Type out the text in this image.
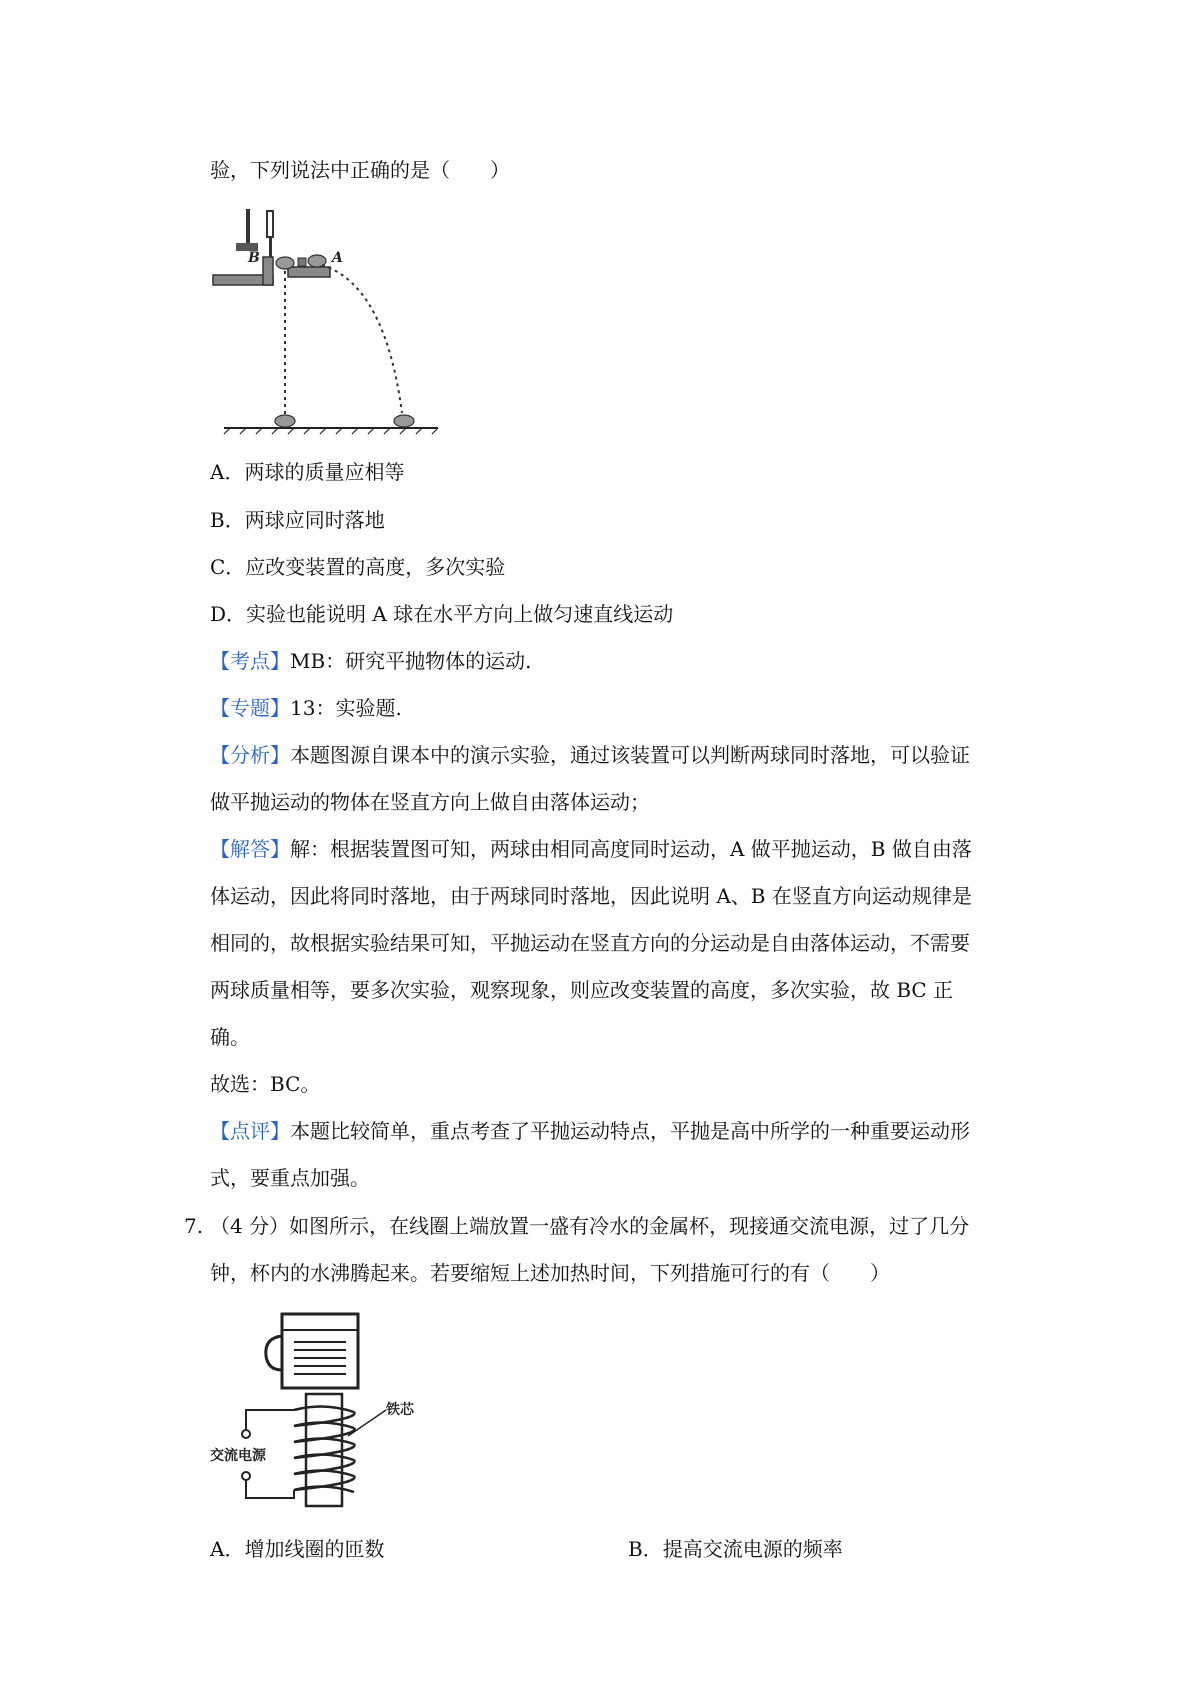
验，下列说法中正确的是（　　）
B	A
A．两球的质量应相等
B．两球应同时落地
C．应改变装置的高度，多次实验
D．实验也能说明 A 球在水平方向上做匀速直线运动
【考点】MB：研究平抛物体的运动.
【专题】13：实验题.
【分析】本题图源自课本中的演示实验，通过该装置可以判断两球同时落地，可以验证
做平抛运动的物体在竖直方向上做自由落体运动；
【解答】解：根据装置图可知，两球由相同高度同时运动，A 做平抛运动，B 做自由落
体运动，因此将同时落地，由于两球同时落地，因此说明 A、B 在竖直方向运动规律是
相同的，故根据实验结果可知，平抛运动在竖直方向的分运动是自由落体运动，不需要
两球质量相等，要多次实验，观察现象，则应改变装置的高度，多次实验，故 BC 正
确。
故选：BC。
【点评】本题比较简单，重点考查了平抛运动特点，平抛是高中所学的一种重要运动形
式，要重点加强。
7. （4 分）如图所示，在线圈上端放置一盛有冷水的金属杯，现接通交流电源，过了几分
钟，杯内的水沸腾起来。若要缩短上述加热时间，下列措施可行的有（　　）
交流电源
铁芯
A．增加线圈的匝数	B．提高交流电源的频率
